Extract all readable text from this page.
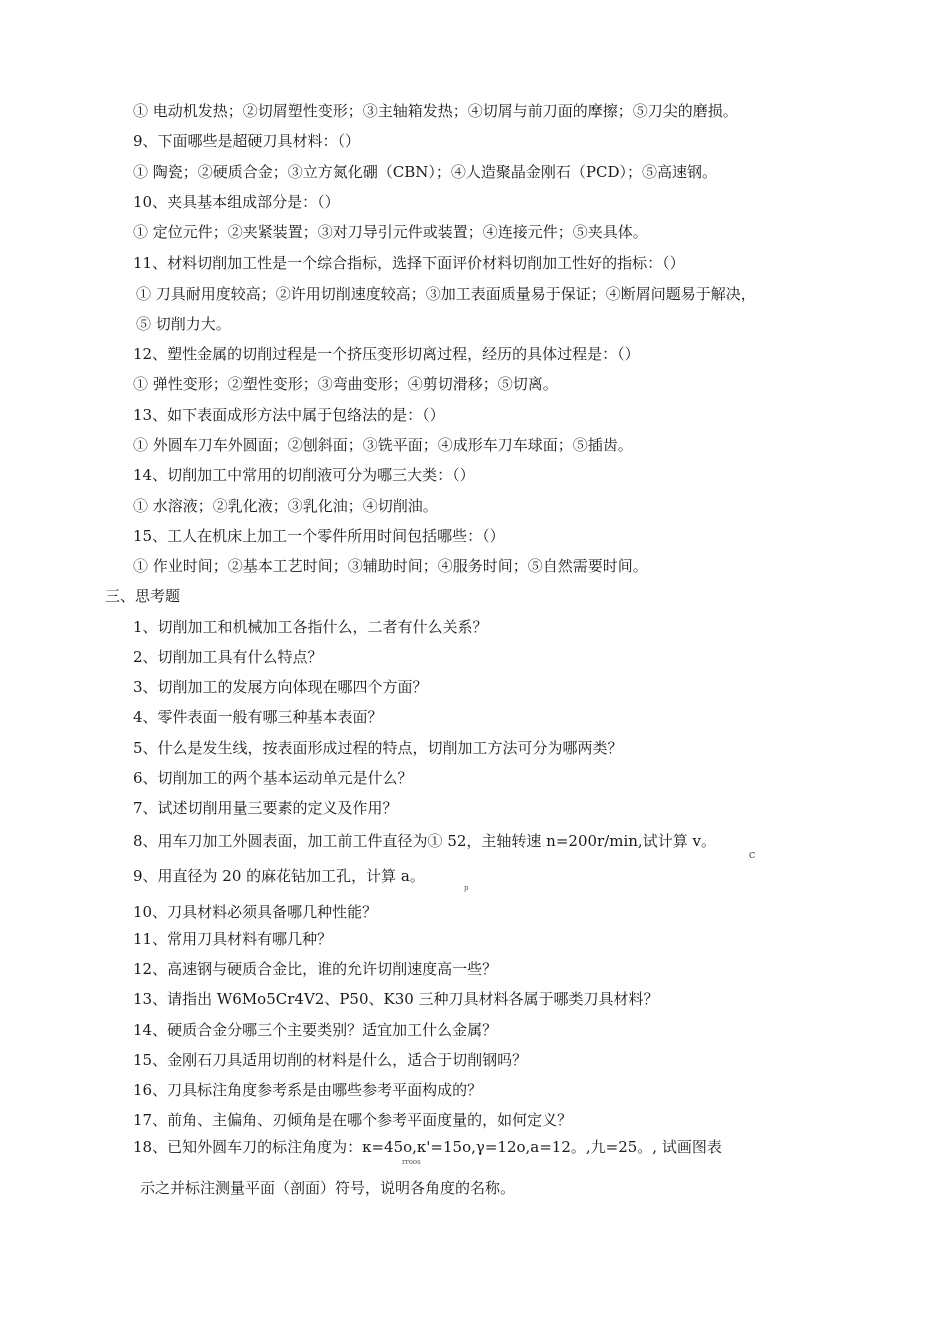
① 电动机发热；②切屑塑性变形；③主轴箱发热；④切屑与前刀面的摩擦；⑤刀尖的磨损。
9、下面哪些是超硬刀具材料：（）
① 陶瓷；②硬质合金；③立方氮化硼（CBN）；④人造聚晶金刚石（PCD）；⑤高速钢。
10、夹具基本组成部分是：（）
① 定位元件；②夹紧装置；③对刀导引元件或装置；④连接元件；⑤夹具体。
11、材料切削加工性是一个综合指标，选择下面评价材料切削加工性好的指标：（）
① 刀具耐用度较高；②许用切削速度较高；③加工表面质量易于保证；④断屑问题易于解决，
⑤ 切削力大。
12、塑性金属的切削过程是一个挤压变形切离过程，经历的具体过程是：（）
① 弹性变形；②塑性变形；③弯曲变形；④剪切滑移；⑤切离。
13、如下表面成形方法中属于包络法的是：（）
① 外圆车刀车外圆面；②刨斜面；③铣平面；④成形车刀车球面；⑤插齿。
14、切削加工中常用的切削液可分为哪三大类：（）
① 水溶液；②乳化液；③乳化油；④切削油。
15、工人在机床上加工一个零件所用时间包括哪些：（）
① 作业时间；②基本工艺时间；③辅助时间；④服务时间；⑤自然需要时间。
三、思考题
1、切削加工和机械加工各指什么，二者有什么关系？
2、切削加工具有什么特点？
3、切削加工的发展方向体现在哪四个方面？
4、零件表面一般有哪三种基本表面？
5、什么是发生线，按表面形成过程的特点，切削加工方法可分为哪两类？
6、切削加工的两个基本运动单元是什么？
7、试述切削用量三要素的定义及作用？
8、用车刀加工外圆表面，加工前工件直径为① 52，主轴转速 n=200r/min,试计算 v。
C
9、用直径为 20 的麻花钻加工孔，计算 a。
p
10、刀具材料必须具备哪几种性能？
11、常用刀具材料有哪几种？
12、高速钢与硬质合金比，谁的允许切削速度高一些？
13、请指出 W6Mo5Cr4V2、P50、K30 三种刀具材料各属于哪类刀具材料？
14、硬质合金分哪三个主要类别？适宜加工什么金属？
15、金刚石刀具适用切削的材料是什么，适合于切削钢吗？
16、刀具标注角度参考系是由哪些参考平面构成的？
17、前角、主偏角、刃倾角是在哪个参考平面度量的，如何定义？
18、已知外圆车刀的标注角度为：κ=45o,κ'=15o,γ=12o,a=12。,九=25。, 试画图表
rroos
示之并标注测量平面（剖面）符号，说明各角度的名称。
